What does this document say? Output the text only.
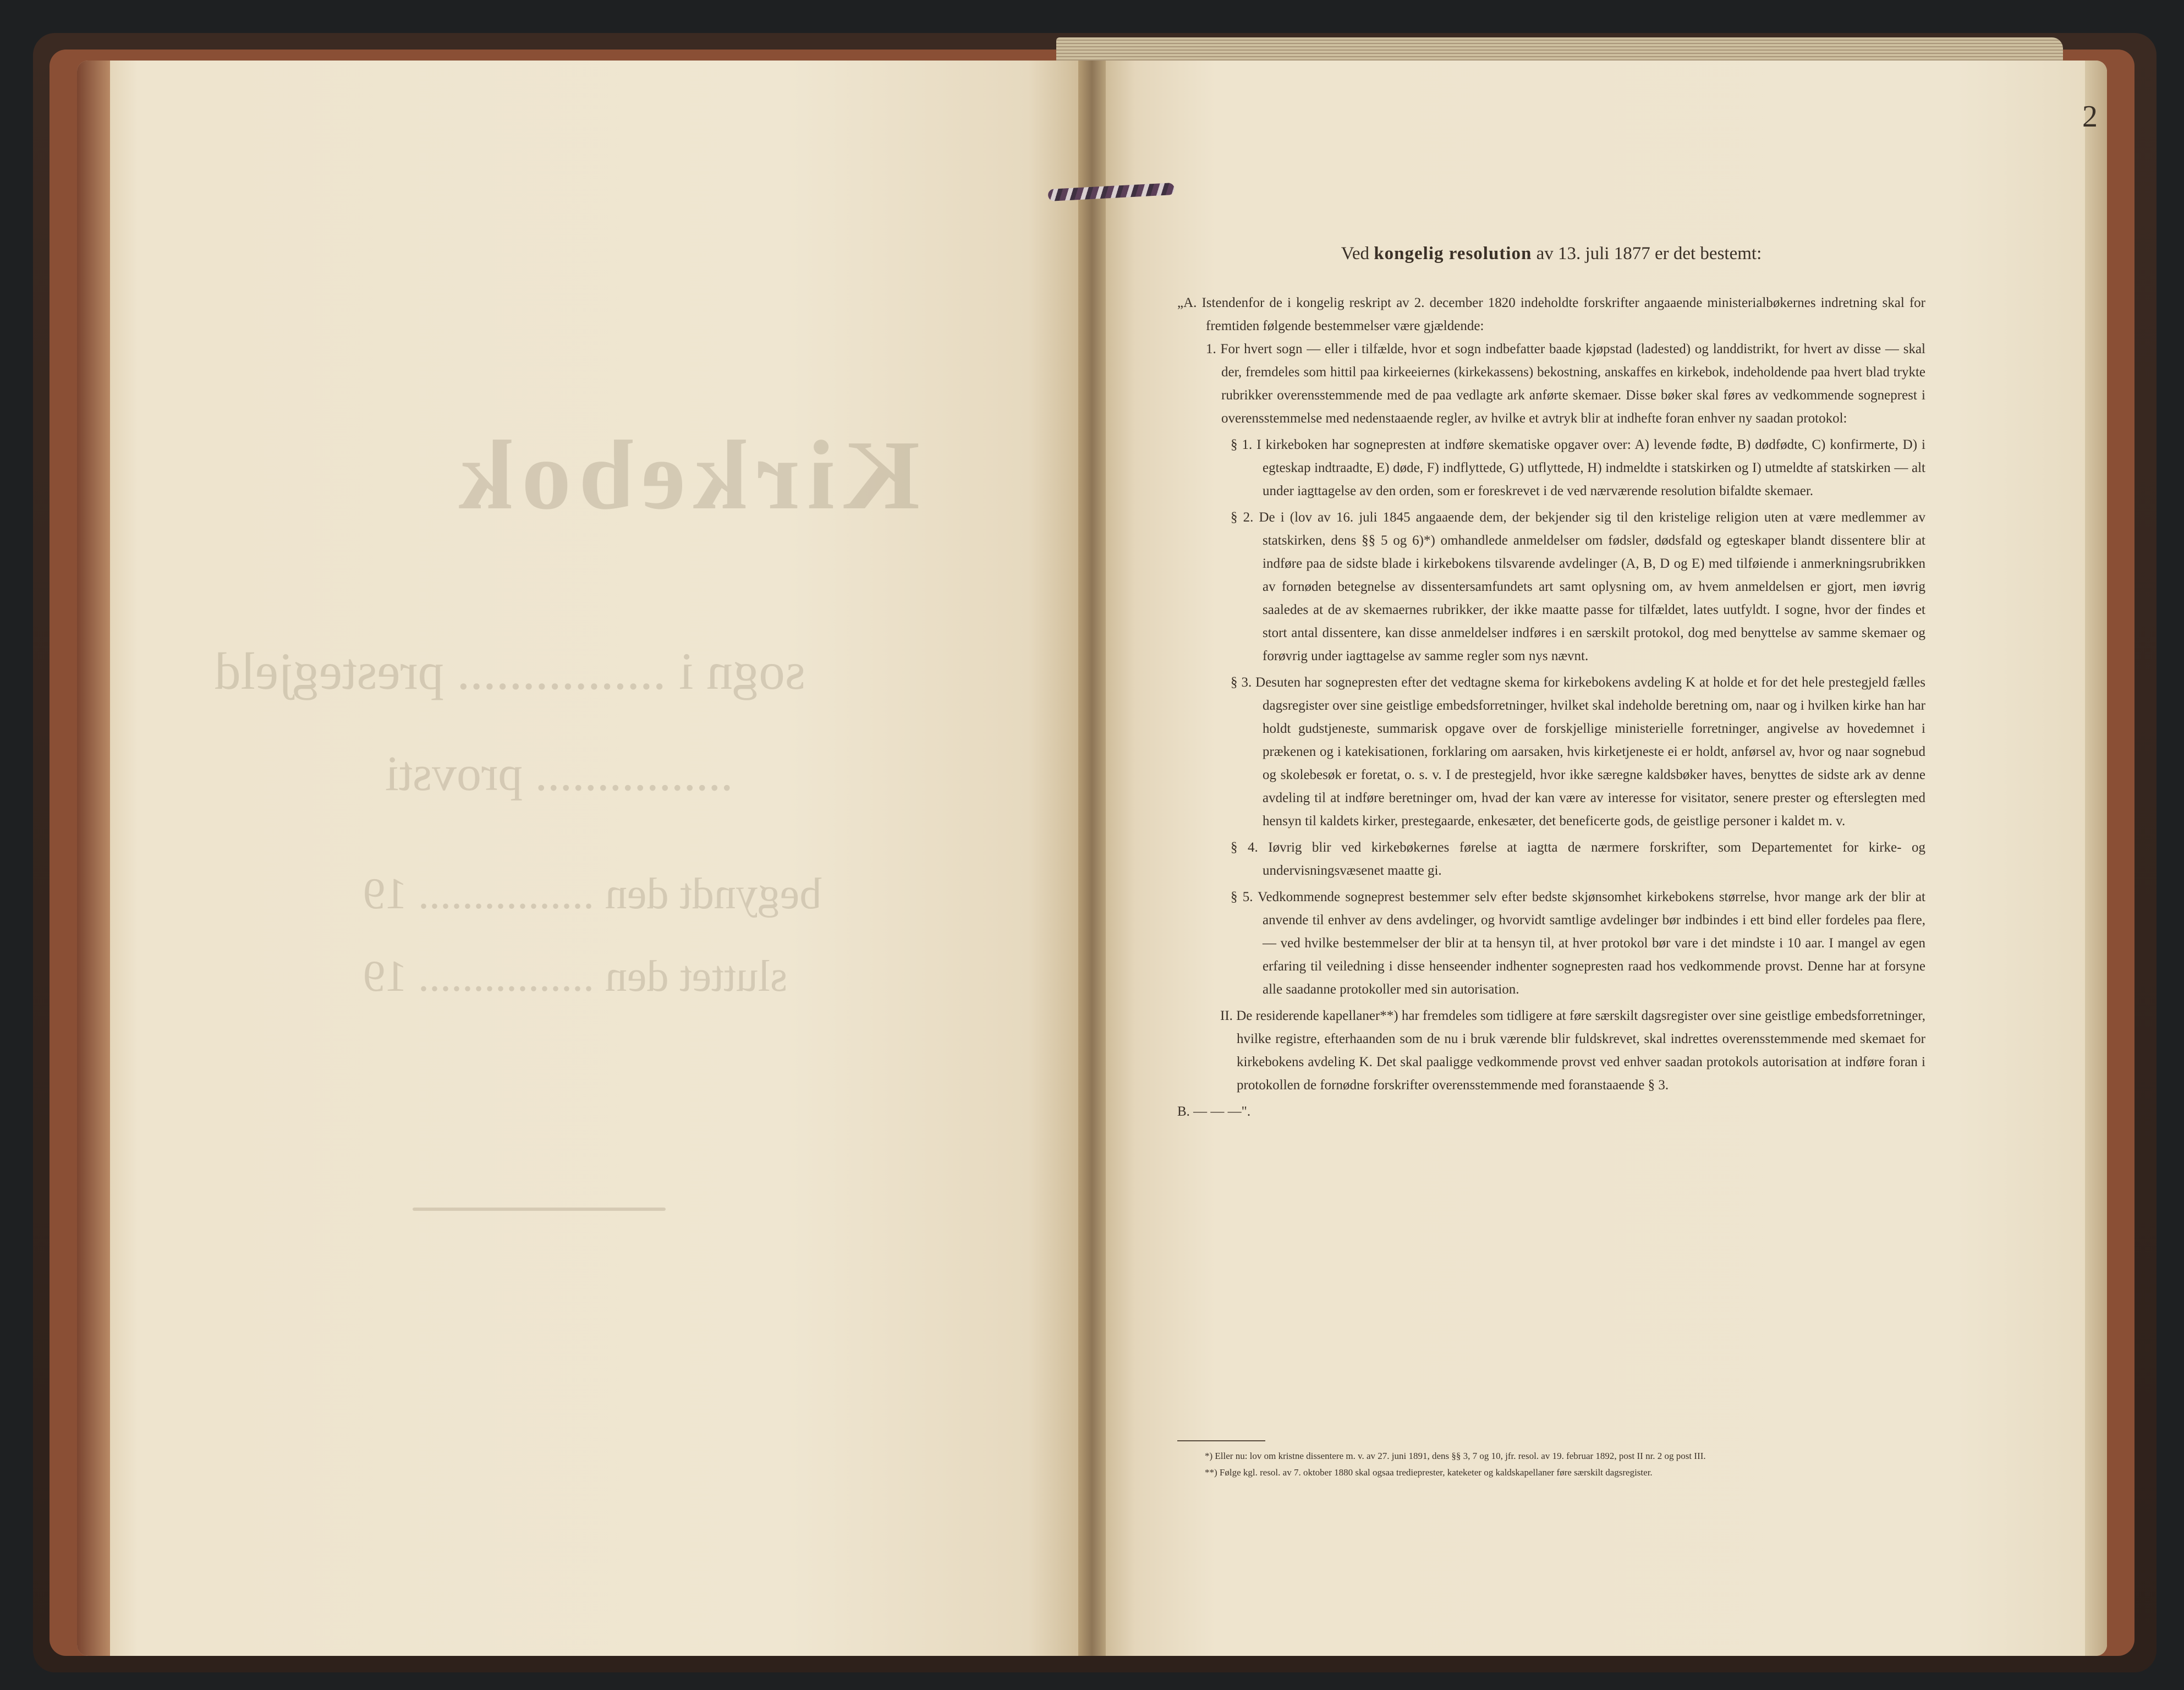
Kirkebok
sogn i ................ prestegjeld
................ provsti
begyndt den ................ 19
sluttet den ................ 19
2

Ved kongelig resolution av 13. juli 1877 er det bestemt:

„A. Istendenfor de i kongelig reskript av 2. december 1820 indeholdte forskrifter angaaende ministerialbøkernes indretning skal for fremtiden følgende bestemmelser være gjældende:

1. For hvert sogn — eller i tilfælde, hvor et sogn indbefatter baade kjøpstad (ladested) og landdistrikt, for hvert av disse — skal der, fremdeles som hittil paa kirkeeiernes (kirkekassens) bekostning, anskaffes en kirkebok, indeholdende paa hvert blad trykte rubrikker overensstemmende med de paa vedlagte ark anførte skemaer. Disse bøker skal føres av vedkommende sogneprest i overensstemmelse med nedenstaaende regler, av hvilke et avtryk blir at indhefte foran enhver ny saadan protokol:

§ 1. I kirkeboken har sognepresten at indføre skematiske opgaver over: A) levende fødte, B) dødfødte, C) konfirmerte, D) i egteskap indtraadte, E) døde, F) indflyttede, G) utflyttede, H) indmeldte i statskirken og I) utmeldte af statskirken — alt under iagttagelse av den orden, som er foreskrevet i de ved nærværende resolution bifaldte skemaer.

§ 2. De i (lov av 16. juli 1845 angaaende dem, der bekjender sig til den kristelige religion uten at være medlemmer av statskirken, dens §§ 5 og 6)*) omhandlede anmeldelser om fødsler, dødsfald og egteskaper blandt dissentere blir at indføre paa de sidste blade i kirkebokens tilsvarende avdelinger (A, B, D og E) med tilføiende i anmerkningsrubrikken av fornøden betegnelse av dissentersamfundets art samt oplysning om, av hvem anmeldelsen er gjort, men iøvrig saaledes at de av skemaernes rubrikker, der ikke maatte passe for tilfældet, lates uutfyldt. I sogne, hvor der findes et stort antal dissentere, kan disse anmeldelser indføres i en særskilt protokol, dog med benyttelse av samme skemaer og forøvrig under iagttagelse av samme regler som nys nævnt.

§ 3. Desuten har sognepresten efter det vedtagne skema for kirkebokens avdeling K at holde et for det hele prestegjeld fælles dagsregister over sine geistlige embedsforretninger, hvilket skal indeholde beretning om, naar og i hvilken kirke han har holdt gudstjeneste, summarisk opgave over de forskjellige ministerielle forretninger, angivelse av hovedemnet i prækenen og i katekisationen, forklaring om aarsaken, hvis kirketjeneste ei er holdt, anførsel av, hvor og naar sognebud og skolebesøk er foretat, o. s. v. I de prestegjeld, hvor ikke særegne kaldsbøker haves, benyttes de sidste ark av denne avdeling til at indføre beretninger om, hvad der kan være av interesse for visitator, senere prester og efterslegten med hensyn til kaldets kirker, prestegaarde, enkesæter, det beneficerte gods, de geistlige personer i kaldet m. v.

§ 4. Iøvrig blir ved kirkebøkernes førelse at iagtta de nærmere forskrifter, som Departementet for kirke- og undervisningsvæsenet maatte gi.

§ 5. Vedkommende sogneprest bestemmer selv efter bedste skjønsomhet kirkebokens størrelse, hvor mange ark der blir at anvende til enhver av dens avdelinger, og hvorvidt samtlige avdelinger bør indbindes i ett bind eller fordeles paa flere, — ved hvilke bestemmelser der blir at ta hensyn til, at hver protokol bør vare i det mindste i 10 aar. I mangel av egen erfaring til veiledning i disse henseender indhenter sognepresten raad hos vedkommende provst. Denne har at forsyne alle saadanne protokoller med sin autorisation.

II. De residerende kapellaner**) har fremdeles som tidligere at føre særskilt dagsregister over sine geistlige embedsforretninger, hvilke registre, efterhaanden som de nu i bruk værende blir fuldskrevet, skal indrettes overensstemmende med skemaet for kirkebokens avdeling K. Det skal paaligge vedkommende provst ved enhver saadan protokols autorisation at indføre foran i protokollen de fornødne forskrifter overensstemmende med foranstaaende § 3.

B. — — —".

*) Eller nu: lov om kristne dissentere m. v. av 27. juni 1891, dens §§ 3, 7 og 10, jfr. resol. av 19. februar 1892, post II nr. 2 og post III.

**) Følge kgl. resol. av 7. oktober 1880 skal ogsaa tredieprester, kateketer og kaldskapellaner føre særskilt dagsregister.
